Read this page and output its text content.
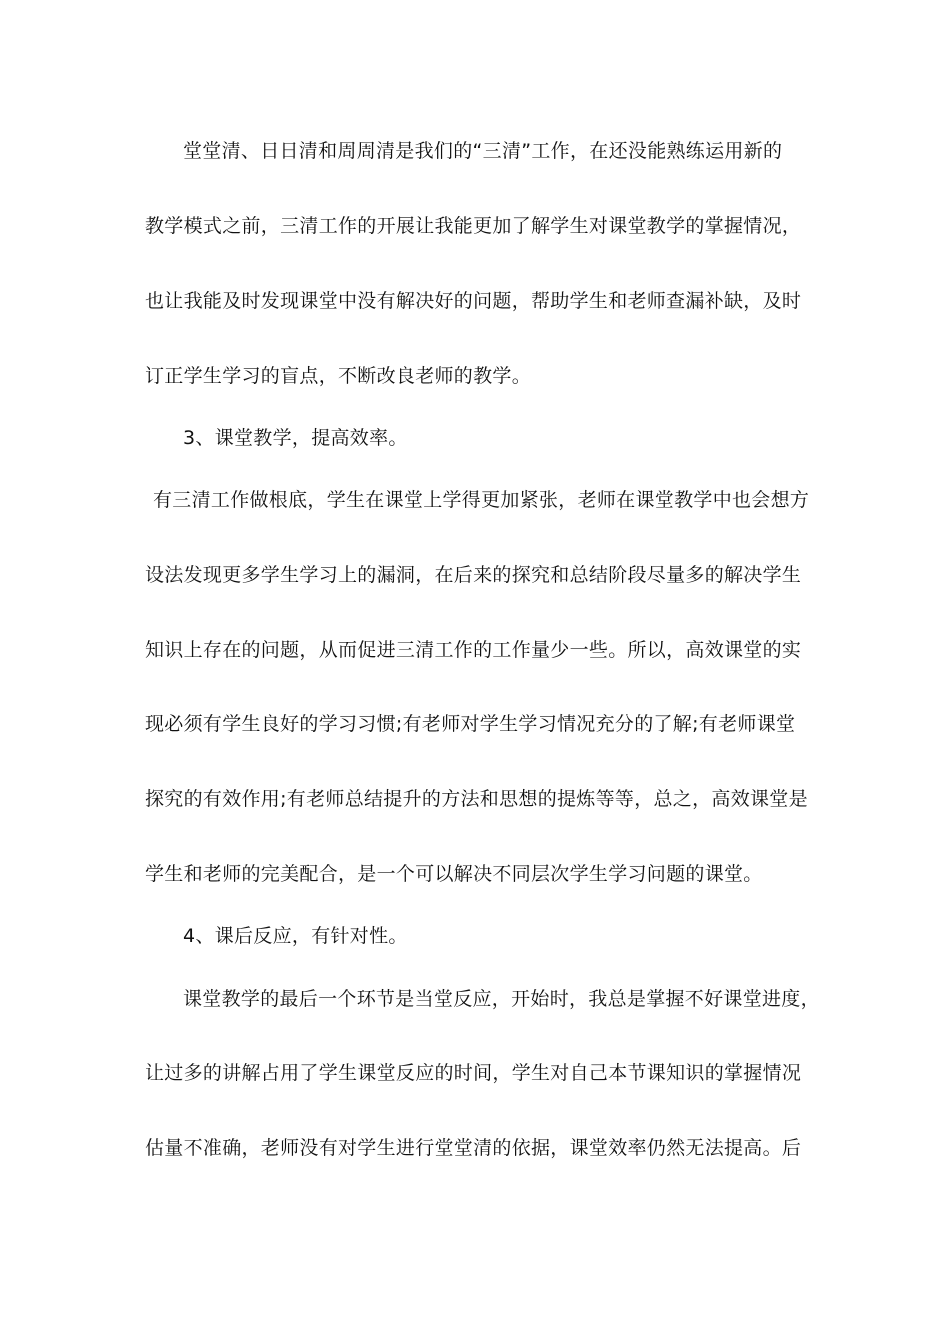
堂堂清、日日清和周周清是我们的“三清”工作，在还没能熟练运用新的
教学模式之前，三清工作的开展让我能更加了解学生对课堂教学的掌握情况，
也让我能及时发现课堂中没有解决好的问题，帮助学生和老师查漏补缺，及时
订正学生学习的盲点，不断改良老师的教学。
3、课堂教学，提高效率。
有三清工作做根底，学生在课堂上学得更加紧张，老师在课堂教学中也会想方
设法发现更多学生学习上的漏洞，在后来的探究和总结阶段尽量多的解决学生
知识上存在的问题，从而促进三清工作的工作量少一些。所以，高效课堂的实
现必须有学生良好的学习习惯;有老师对学生学习情况充分的了解;有老师课堂
探究的有效作用;有老师总结提升的方法和思想的提炼等等，总之，高效课堂是
学生和老师的完美配合，是一个可以解决不同层次学生学习问题的课堂。
4、课后反应，有针对性。
课堂教学的最后一个环节是当堂反应，开始时，我总是掌握不好课堂进度，
让过多的讲解占用了学生课堂反应的时间，学生对自己本节课知识的掌握情况
估量不准确，老师没有对学生进行堂堂清的依据，课堂效率仍然无法提高。后
